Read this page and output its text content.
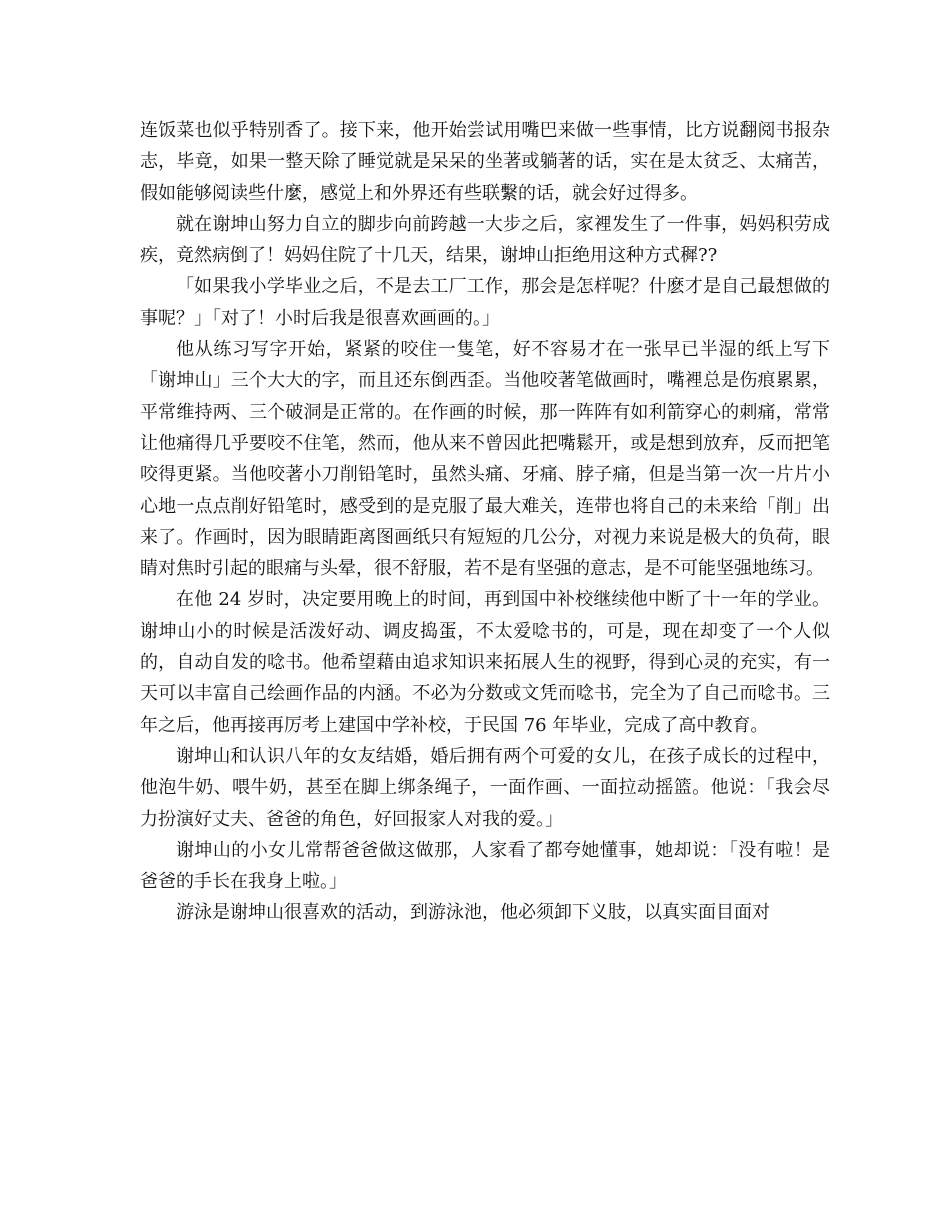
连饭菜也似乎特别香了。接下来，他开始尝试用嘴巴来做一些事情，比方说翻阅书报杂志，毕竟，如果一整天除了睡觉就是呆呆的坐著或躺著的话，实在是太贫乏、太痛苦，假如能够阅读些什麼，感觉上和外界还有些联繫的话，就会好过得多。

就在谢坤山努力自立的脚步向前跨越一大步之后，家裡发生了一件事，妈妈积劳成疾，竟然病倒了！妈妈住院了十几天，结果，谢坤山拒绝用这种方式穉??

「如果我小学毕业之后，不是去工厂工作，那会是怎样呢？什麽才是自己最想做的事呢？」「对了！小时后我是很喜欢画画的。」

他从练习写字开始，紧紧的咬住一隻笔，好不容易才在一张早已半湿的纸上写下「谢坤山」三个大大的字，而且还东倒西歪。当他咬著笔做画时，嘴裡总是伤痕累累，平常维持两、三个破洞是正常的。在作画的时候，那一阵阵有如利箭穿心的刺痛，常常让他痛得几乎要咬不住笔，然而，他从来不曾因此把嘴鬆开，或是想到放弃，反而把笔咬得更紧。当他咬著小刀削铅笔时，虽然头痛、牙痛、脖子痛，但是当第一次一片片小心地一点点削好铅笔时，感受到的是克服了最大难关，连带也将自己的未来给「削」出来了。作画时，因为眼睛距离图画纸只有短短的几公分，对视力来说是极大的负荷，眼睛对焦时引起的眼痛与头晕，很不舒服，若不是有坚强的意志，是不可能坚强地练习。

在他 24 岁时，决定要用晚上的时间，再到国中补校继续他中断了十一年的学业。谢坤山小的时候是活泼好动、调皮捣蛋，不太爱唸书的，可是，现在却变了一个人似的，自动自发的唸书。他希望藉由追求知识来拓展人生的视野，得到心灵的充实，有一天可以丰富自己绘画作品的内涵。不必为分数或文凭而唸书，完全为了自己而唸书。三年之后，他再接再厉考上建国中学补校，于民国 76 年毕业，完成了高中教育。

谢坤山和认识八年的女友结婚，婚后拥有两个可爱的女儿，在孩子成长的过程中，他泡牛奶、喂牛奶，甚至在脚上绑条绳子，一面作画、一面拉动摇篮。他说：「我会尽力扮演好丈夫、爸爸的角色，好回报家人对我的爱。」

谢坤山的小女儿常帮爸爸做这做那，人家看了都夸她懂事，她却说：「没有啦！是爸爸的手长在我身上啦。」

游泳是谢坤山很喜欢的活动，到游泳池，他必须卸下义肢，以真实面目面对
